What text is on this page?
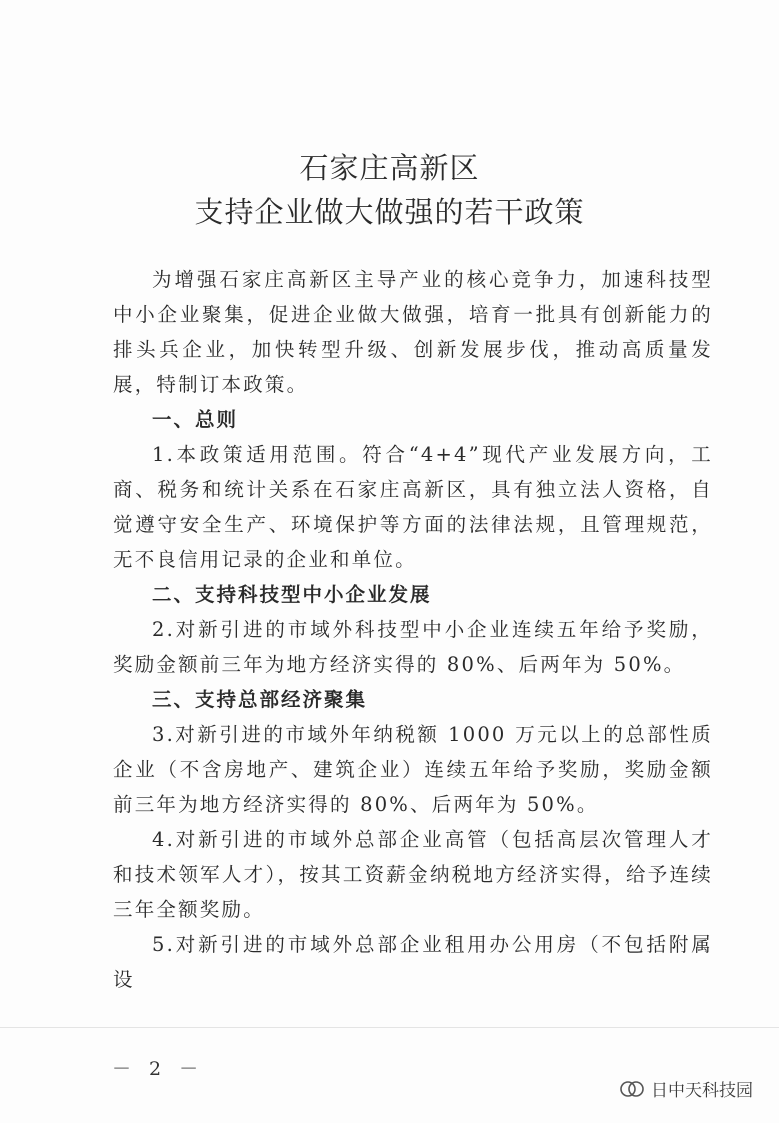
石家庄高新区
支持企业做大做强的若干政策

为增强石家庄高新区主导产业的核心竞争力，加速科技型中小企业聚集，促进企业做大做强，培育一批具有创新能力的排头兵企业，加快转型升级、创新发展步伐，推动高质量发展，特制订本政策。

一、总则

1.本政策适用范围。符合“4+4”现代产业发展方向，工商、税务和统计关系在石家庄高新区，具有独立法人资格，自觉遵守安全生产、环境保护等方面的法律法规，且管理规范，无不良信用记录的企业和单位。

二、支持科技型中小企业发展

2.对新引进的市域外科技型中小企业连续五年给予奖励，奖励金额前三年为地方经济实得的 80%、后两年为 50%。

三、支持总部经济聚集

3.对新引进的市域外年纳税额 1000 万元以上的总部性质企业（不含房地产、建筑企业）连续五年给予奖励，奖励金额前三年为地方经济实得的 80%、后两年为 50%。

4.对新引进的市域外总部企业高管（包括高层次管理人才和技术领军人才），按其工资薪金纳税地方经济实得，给予连续三年全额奖励。

5.对新引进的市域外总部企业租用办公用房（不包括附属设

－ 2 －
日中天科技园
